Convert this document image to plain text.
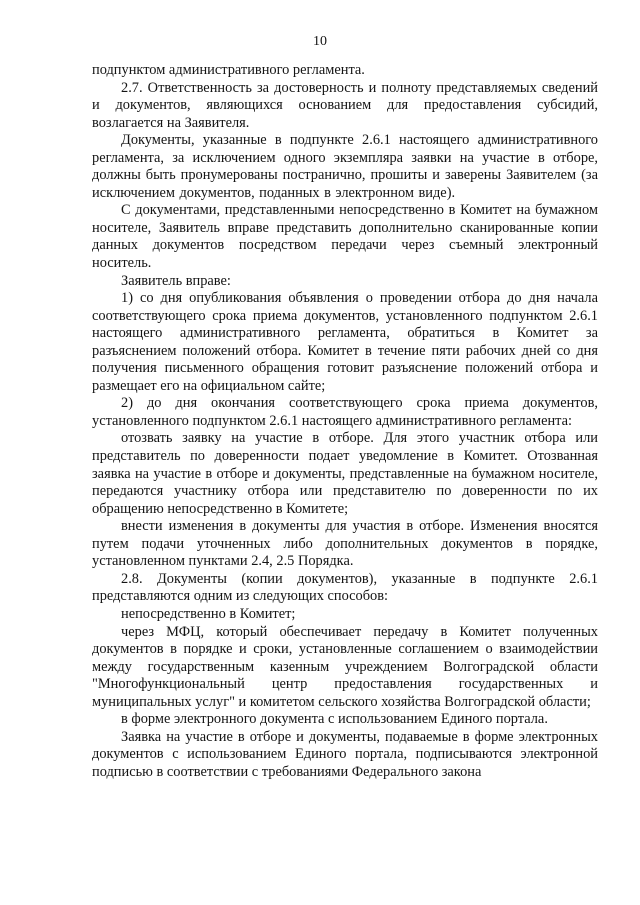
10

подпунктом административного регламента.

2.7. Ответственность за достоверность и полноту представляемых сведений и документов, являющихся основанием для предоставления субсидий, возлагается на Заявителя.

Документы, указанные в подпункте 2.6.1 настоящего административного регламента, за исключением одного экземпляра заявки на участие в отборе, должны быть пронумерованы постранично, прошиты и заверены Заявителем (за исключением документов, поданных в электронном виде).

С документами, представленными непосредственно в Комитет на бумажном носителе, Заявитель вправе представить дополнительно сканированные копии данных документов посредством передачи через съемный электронный носитель.

Заявитель вправе:

1) со дня опубликования объявления о проведении отбора до дня начала соответствующего срока приема документов, установленного подпунктом 2.6.1 настоящего административного регламента, обратиться в Комитет за разъяснением положений отбора. Комитет в течение пяти рабочих дней со дня получения письменного обращения готовит разъяснение положений отбора и размещает его на официальном сайте;

2) до дня окончания соответствующего срока приема документов, установленного подпунктом 2.6.1 настоящего административного регламента:

отозвать заявку на участие в отборе. Для этого участник отбора или представитель по доверенности подает уведомление в Комитет. Отозванная заявка на участие в отборе и документы, представленные на бумажном носителе, передаются участнику отбора или представителю по доверенности по их обращению непосредственно в Комитете;

внести изменения в документы для участия в отборе. Изменения вносятся путем подачи уточненных либо дополнительных документов в порядке, установленном пунктами 2.4, 2.5 Порядка.

2.8. Документы (копии документов), указанные в подпункте 2.6.1 представляются одним из следующих способов:

непосредственно в Комитет;

через МФЦ, который обеспечивает передачу в Комитет полученных документов в порядке и сроки, установленные соглашением о взаимодействии между государственным казенным учреждением Волгоградской области "Многофункциональный центр предоставления государственных и муниципальных услуг" и комитетом сельского хозяйства Волгоградской области;

в форме электронного документа с использованием Единого портала.

Заявка на участие в отборе и документы, подаваемые в форме электронных документов с использованием Единого портала, подписываются электронной подписью в соответствии с требованиями Федерального закона
